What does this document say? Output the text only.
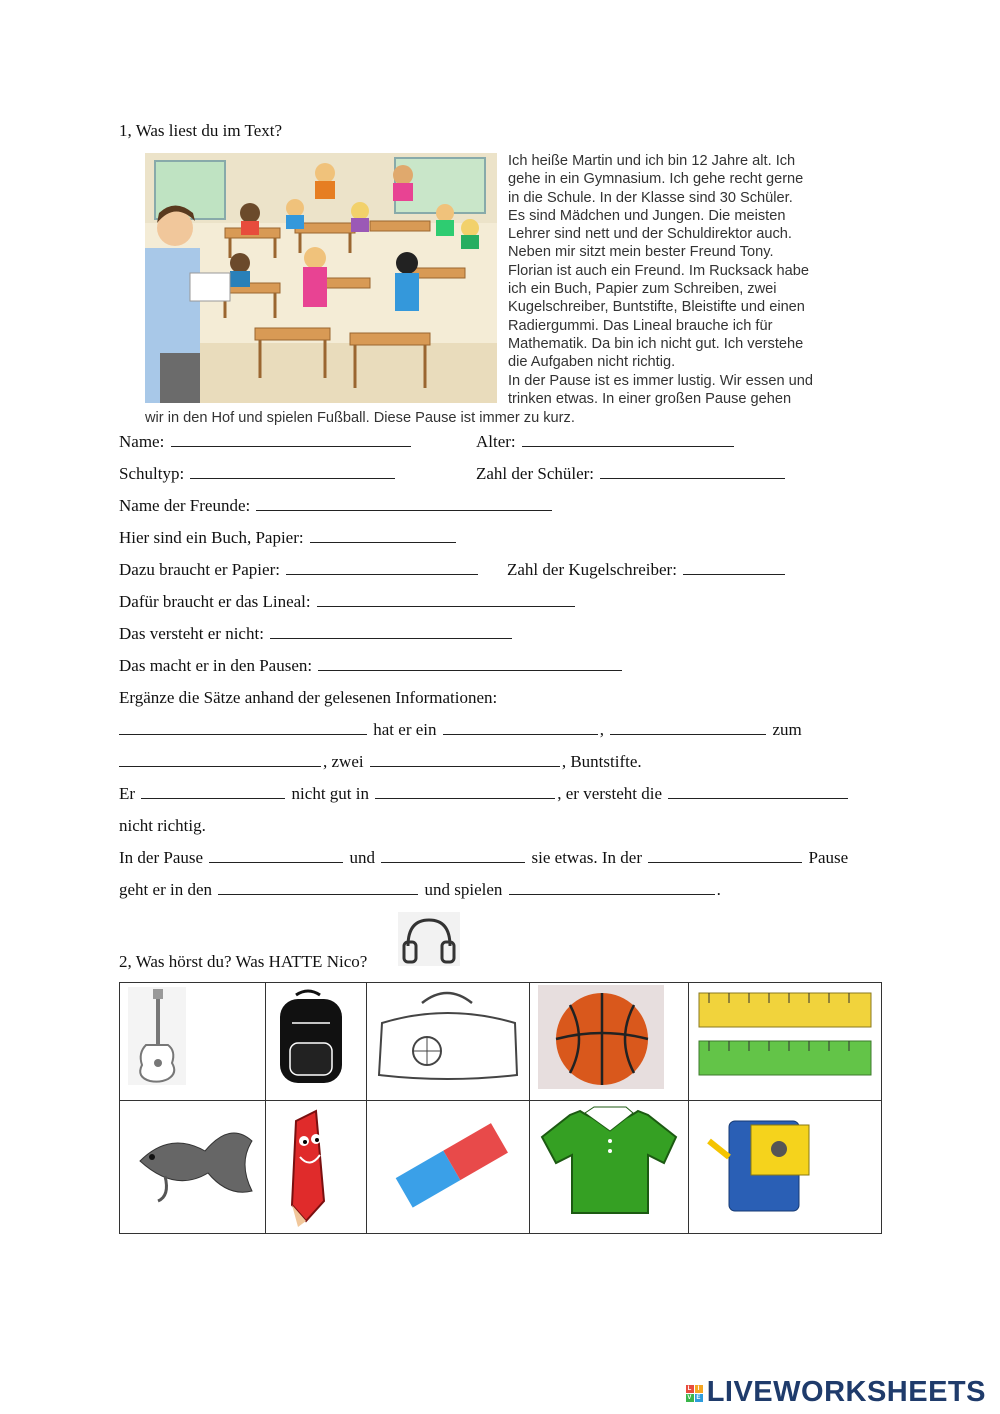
1, Was liest du im Text?
Ich heiße Martin und ich bin 12 Jahre alt. Ich
gehe in ein Gymnasium. Ich gehe recht gerne
in die Schule. In der Klasse sind 30 Schüler.
Es sind Mädchen und Jungen. Die meisten
Lehrer sind nett und der Schuldirektor auch.
Neben mir sitzt mein bester Freund Tony.
Florian ist auch ein Freund. Im Rucksack habe
ich ein Buch, Papier zum Schreiben, zwei
Kugelschreiber, Buntstifte, Bleistifte und einen
Radiergummi. Das Lineal brauche ich für
Mathematik. Da bin ich nicht gut. Ich verstehe
die Aufgaben nicht richtig.
In der Pause ist es immer lustig. Wir essen und
trinken etwas. In einer großen Pause gehen
wir in den Hof und spielen Fußball. Diese Pause ist immer zu kurz.
Name:	Alter:
Schultyp:	Zahl der Schüler:
Name der Freunde:
Hier sind ein Buch, Papier:
Dazu braucht er Papier:	Zahl der Kugelschreiber:
Dafür braucht er das Lineal:
Das versteht er nicht:
Das macht er in den Pausen:
Ergänze die Sätze anhand der gelesenen Informationen:
hat er ein	,	zum
, zwei	, Buntstifte.
Er	nicht gut in	, er versteht die
nicht richtig.
In der Pause	und	sie etwas. In der	Pause
geht er in den	und spielen	.
2, Was hörst du? Was HATTE Nico?

L I
V E LIVEWORKSHEETS
